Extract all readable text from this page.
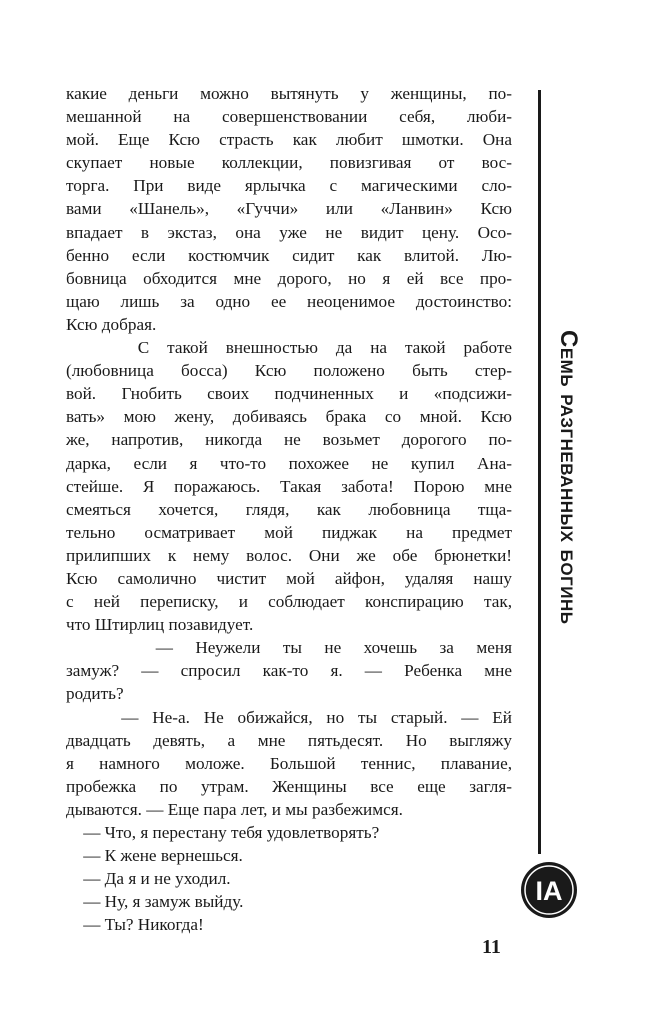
какие деньги можно вытянуть у женщины, по-
мешанной на совершенствовании себя, люби-
мой. Еще Ксю страсть как любит шмотки. Она
скупает новые коллекции, повизгивая от вос-
торга. При виде ярлычка с магическими сло-
вами «Шанель», «Гуччи» или «Ланвин» Ксю
впадает в экстаз, она уже не видит цену. Осо-
бенно если костюмчик сидит как влитой. Лю-
бовница обходится мне дорого, но я ей все про-
щаю лишь за одно ее неоценимое достоинство:
Ксю добрая.
С такой внешностью да на такой работе
(любовница босса) Ксю положено быть стер-
вой. Гнобить своих подчиненных и «подсижи-
вать» мою жену, добиваясь брака со мной. Ксю
же, напротив, никогда не возьмет дорогого по-
дарка, если я что-то похожее не купил Ана-
стейше. Я поражаюсь. Такая забота! Порою мне
смеяться хочется, глядя, как любовница тща-
тельно осматривает мой пиджак на предмет
прилипших к нему волос. Они же обе брюнетки!
Ксю самолично чистит мой айфон, удаляя нашу
с ней переписку, и соблюдает конспирацию так,
что Штирлиц позавидует.
— Неужели ты не хочешь за меня
замуж? — спросил как-то я. — Ребенка мне
родить?
— Не-а. Не обижайся, но ты старый. — Ей
двадцать девять, а мне пятьдесят. Но выгляжу
я намного моложе. Большой теннис, плавание,
пробежка по утрам. Женщины все еще загля-
дываются. — Еще пара лет, и мы разбежимся.
— Что, я перестану тебя удовлетворять?
— К жене вернешься.
— Да я и не уходил.
— Ну, я замуж выйду.
— Ты? Никогда!
Семь разгневанных богинь
IA
11
